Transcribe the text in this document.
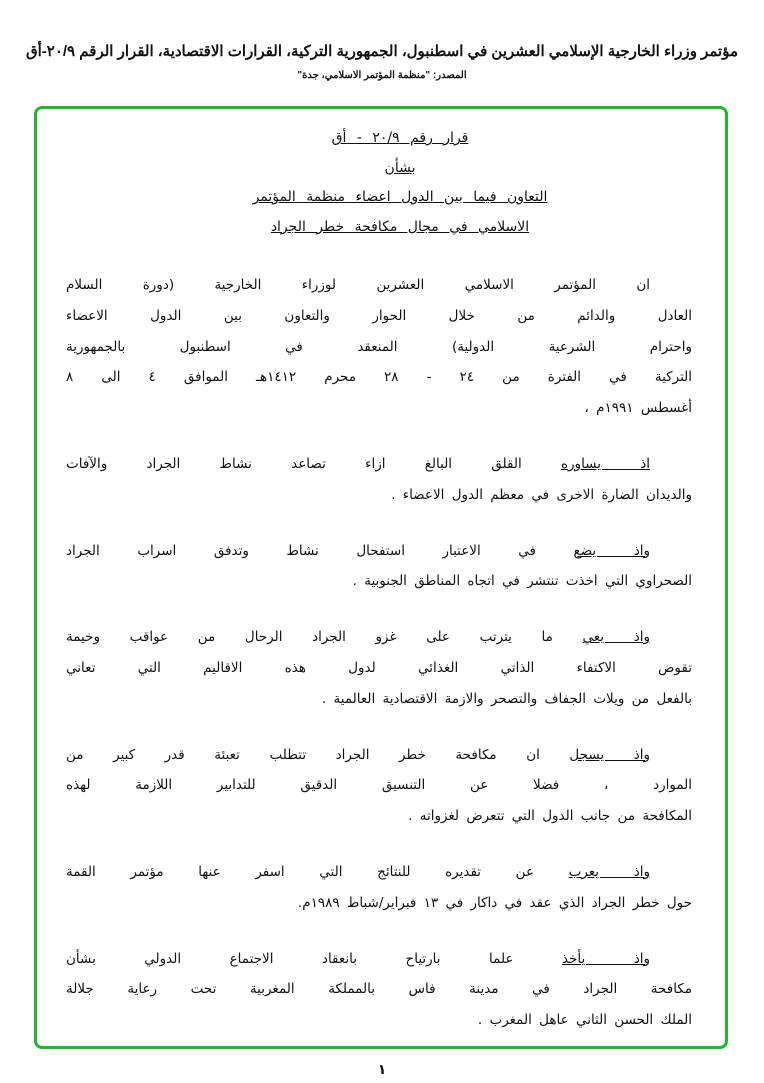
مؤتمر وزراء الخارجية الإسلامي العشرين في اسطنبول، الجمهورية التركية، القرارات الاقتصادية، القرار الرقم ٢٠/٩-أق
المصدر: "منظمة المؤتمر الاسلامي، جدة"
قرار رقم ٢٠/٩ - أق
بشأن
التعاون فيما بين الدول اعضاء منظمة المؤتمر
الاسلامي في مجال مكافحة خطر الجراد
ان المؤتمر الاسلامي العشرين لوزراء الخارجية (دورة السلام
العادل والدائم من خلال الحوار والتعاون بين الدول الاعضاء
واحترام الشرعية الدولية) المنعقد في اسطنبول بالجمهورية
التركية في الفترة من ٢٤ - ٢٨ محرم ١٤١٢هـ الموافق ٤ الى ٨
أغسطس ١٩٩١م ،
اذ يساوره القلق البالغ ازاء تصاعد نشاط الجراد والآفات
والديدان الضارة الاخرى في معظم الدول الاعضاء .
واذ يضع في الاعتبار استفحال نشاط وتدفق اسراب الجراد
الصحراوي التي اخذت تنتشر في اتجاه المناطق الجنوبية .
واذ يعي ما يترتب على غزو الجراد الرحال من عواقب وخيمة
تقوض الاكتفاء الذاتي الغذائي لدول هذه الاقاليم التي تعاني
بالفعل من ويلات الجفاف والتصحر والازمة الاقتصادية العالمية .
واذ يسجل ان مكافحة خطر الجراد تتطلب تعبئة قدر كبير من
الموارد ، فضلا عن التنسيق الدقيق للتدابير اللازمة لهذه
المكافحة من جانب الدول التي تتعرض لغزواته .
واذ يعرب عن تقديره للنتائج التي اسفر عنها مؤتمر القمة
حول خطر الجراد الذي عقد في داكار في ١٣ فبراير/شباط ١٩٨٩م.
واذ يأخذ علما بارتياح بانعقاد الاجتماع الدولي بشأن
مكافحة الجراد في مدينة فاس بالمملكة المغربية تحت رعاية جلالة
الملك الحسن الثاني عاهل المغرب .
١
